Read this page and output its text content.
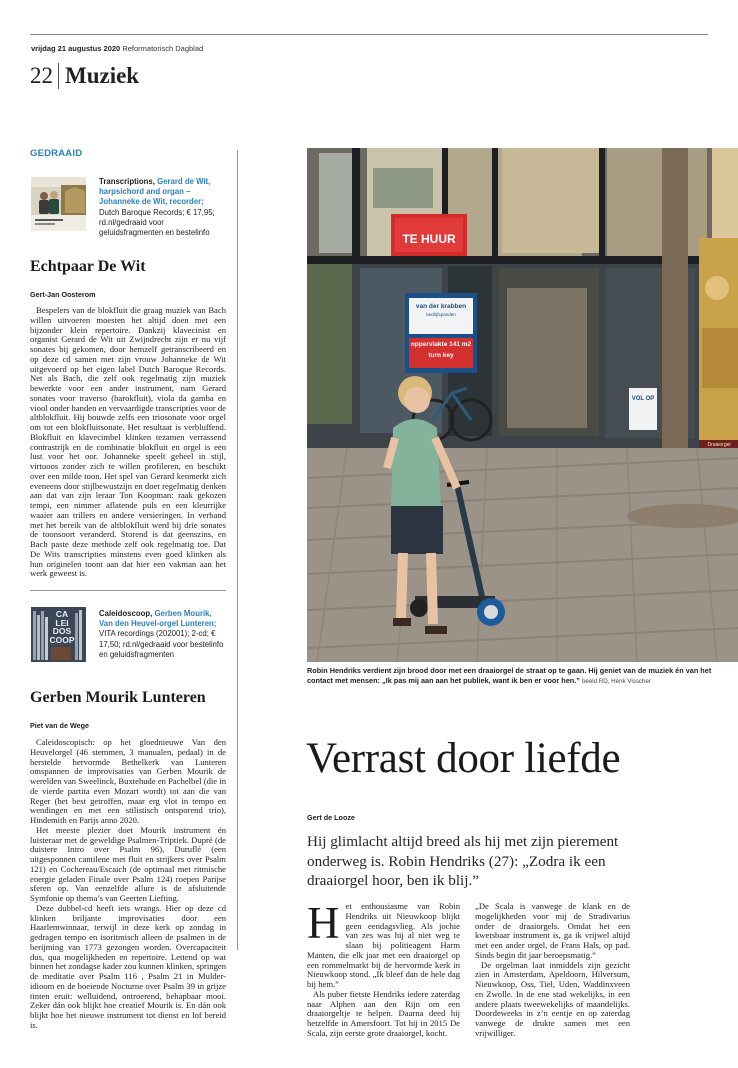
vrijdag 21 augustus 2020 Reformatorisch Dagblad
22 Muziek
GEDRAAID
Transcriptions, Gerard de Wit, harpsichord and organ – Johanneke de Wit, recorder; Dutch Baroque Records; € 17,95; rd.nl/gedraaid voor geluidsfragmenten en bestelinfo
Echtpaar De Wit
Gert-Jan Oosterom

Bespelers van de blokfluit die graag muziek van Bach willen uitvoeren moesten het altijd doen met een bijzonder klein repertoire. Dankzij klavecinist en organist Gerard de Wit uit Zwijndrecht zijn er nu vijf sonates bij gekomen, door hemzelf getranscribeerd en op deze cd samen met zijn vrouw Johanneke de Wit uitgevoerd op het eigen label Dutch Baroque Records. Net als Bach, die zelf ook regelmatig zijn muziek bewerkte voor een ander instrument, nam Gerard sonates voor traverso (barokfluit), viola da gamba en viool onder handen en vervaardigde transcripties voor de altblokfluit. Hij bouwde zelfs een triosonate voor orgel om tot een blokfluitsonate. Het resultaat is verbluffend. Blokfluit en klavecimbel klinken tezamen verrassend contrastrijk en de combinatie blokfluit en orgel is een lust voor het oor. Johanneke speelt geheel in stijl, virtuoos zonder zich te willen profileren, en beschikt over een milde toon. Het spel van Gerard kenmerkt zich eveneens door stijlbewustzijn en doet regelmatig denken aan dat van zijn leraar Ton Koopman: raak gekozen tempi, een nimmer aflatende puls en een kleurrijke waaier aan trillers en andere versieringen. In verband met het bereik van de altblokfluit werd bij drie sonates de toonsoort veranderd. Storend is dat geenszins, en Bach paste deze methode zelf ook regelmatig toe. Dat De Wits transcripties minstens even goed klinken als hun originelen toont aan dat hier een vakman aan het werk geweest is.

CA LEI DOS COOP
Caleidoscoop, Gerben Mourik, Van den Heuvel-orgel Lunteren; VITA recordings (202001); 2-cd; € 17,50; rd.nl/gedraaid voor bestelinfo en geluidsfragmenten
Gerben Mourik Lunteren
Piet van de Wege

Caleidoscopisch: op het gloednieuwe Van den Heuvelorgel (46 stemmen, 3 manualen, pedaal) in de herstelde hervormde Bethelkerk van Lunteren omspannen de improvisaties van Gerben Mourik de werelden van Sweelinck, Buxtehude en Pachelbel (die in de vierde partita even Mozart wordt) tot aan die van Reger (het best getroffen, maar erg vlot in tempo en wendingen en met een stilistisch ontsporend trio), Hindemith en Parijs anno 2020.

Het meeste plezier doet Mourik instrument én luisteraar met de geweldige Psalmen-Triptiek. Dupré (de duistere Intro over Psalm 96), Duruflé (een uitgesponnen cantilene met fluit en strijkers over Psalm 121) en Cochereau/Escaich (de optimaal met ritmische energie geladen Finale over Psalm 124) roepen Parijse sferen op. Van eenzelfde allure is de afsluitende Symfonie op thema’s van Geerten Liefting.

Deze dubbel-cd heeft iets wrangs. Hier op deze cd klinken briljante improvisaties door een Haarlemwinnaar, terwijl in deze kerk op zondag in gedragen tempo en isoritmisch alleen de psalmen in de berijming van 1773 gezongen worden. Overcapaciteit dus, qua mogelijkheden en repertoire. Lettend op wat binnen het zondagse kader zou kunnen klinken, springen de meditatie over Psalm 116 , Psalm 21 in Mulder-idioom en de boeiende Nocturne over Psalm 39 in grijze tinten eruit: welluidend, ontroerend, behapbaar mooi. Zeker dán ook blijkt hoe creatief Mourik is. En dán ook blijkt hoe het nieuwe instrument tot dienst en lof bereid is.

TE HUUR
van der krabben
bedrijfspanden
oppervlakte 141 m2
turn key
VOL OP
Draaiorgel
Robin Hendriks verdient zijn brood door met een draaiorgel de straat op te gaan. Hij geniet van de muziek én van het contact met mensen: „Ik pas mij aan aan het publiek, want ik ben er voor hen.” beeld RD, Henk Visscher
Verrast door liefde
Gert de Looze
Hij glimlacht altijd breed als hij met zijn pierement onderweg is. Robin Hendriks (27): „Zodra ik een draaiorgel hoor, ben ik blij.”
H et enthousiasme van Robin Hendriks uit Nieuwkoop blijkt geen eendagsvlieg. Als jochie van zes was hij al niet weg te slaan bij politieagent Harm Manten, die elk jaar met een draaiorgel op een rommelmarkt bij de hervormde kerk in Nieuwkoop stond. „Ik bleef dan de hele dag bij hem.”

Als puber fietste Hendriks iedere zaterdag naar Alphen aan den Rijn om een draaiorgeltje te helpen. Daarna deed hij hetzelfde in Amersfoort. Tot hij in 2015 De Scala, zijn eerste grote draaiorgel, kocht.

„De Scala is vanwege de klank en de mogelijkheden voor mij de Stradivarius onder de draaiorgels. Omdat het een kwetsbaar instrument is, ga ik vrijwel altijd met een ander orgel, de Frans Hals, op pad. Sinds begin dit jaar beroepsmatig.”

De orgelman laat inmiddels zijn gezicht zien in Amsterdam, Apeldoorn, Hilversum, Nieuwkoop, Oss, Tiel, Uden, Waddinxveen en Zwolle. In de ene stad wekelijks, in een andere plaats tweewekelijks of maandelijks. Doordeweeks in z’n eentje en op zaterdag vanwege de drukte samen met een vrijwilliger.
